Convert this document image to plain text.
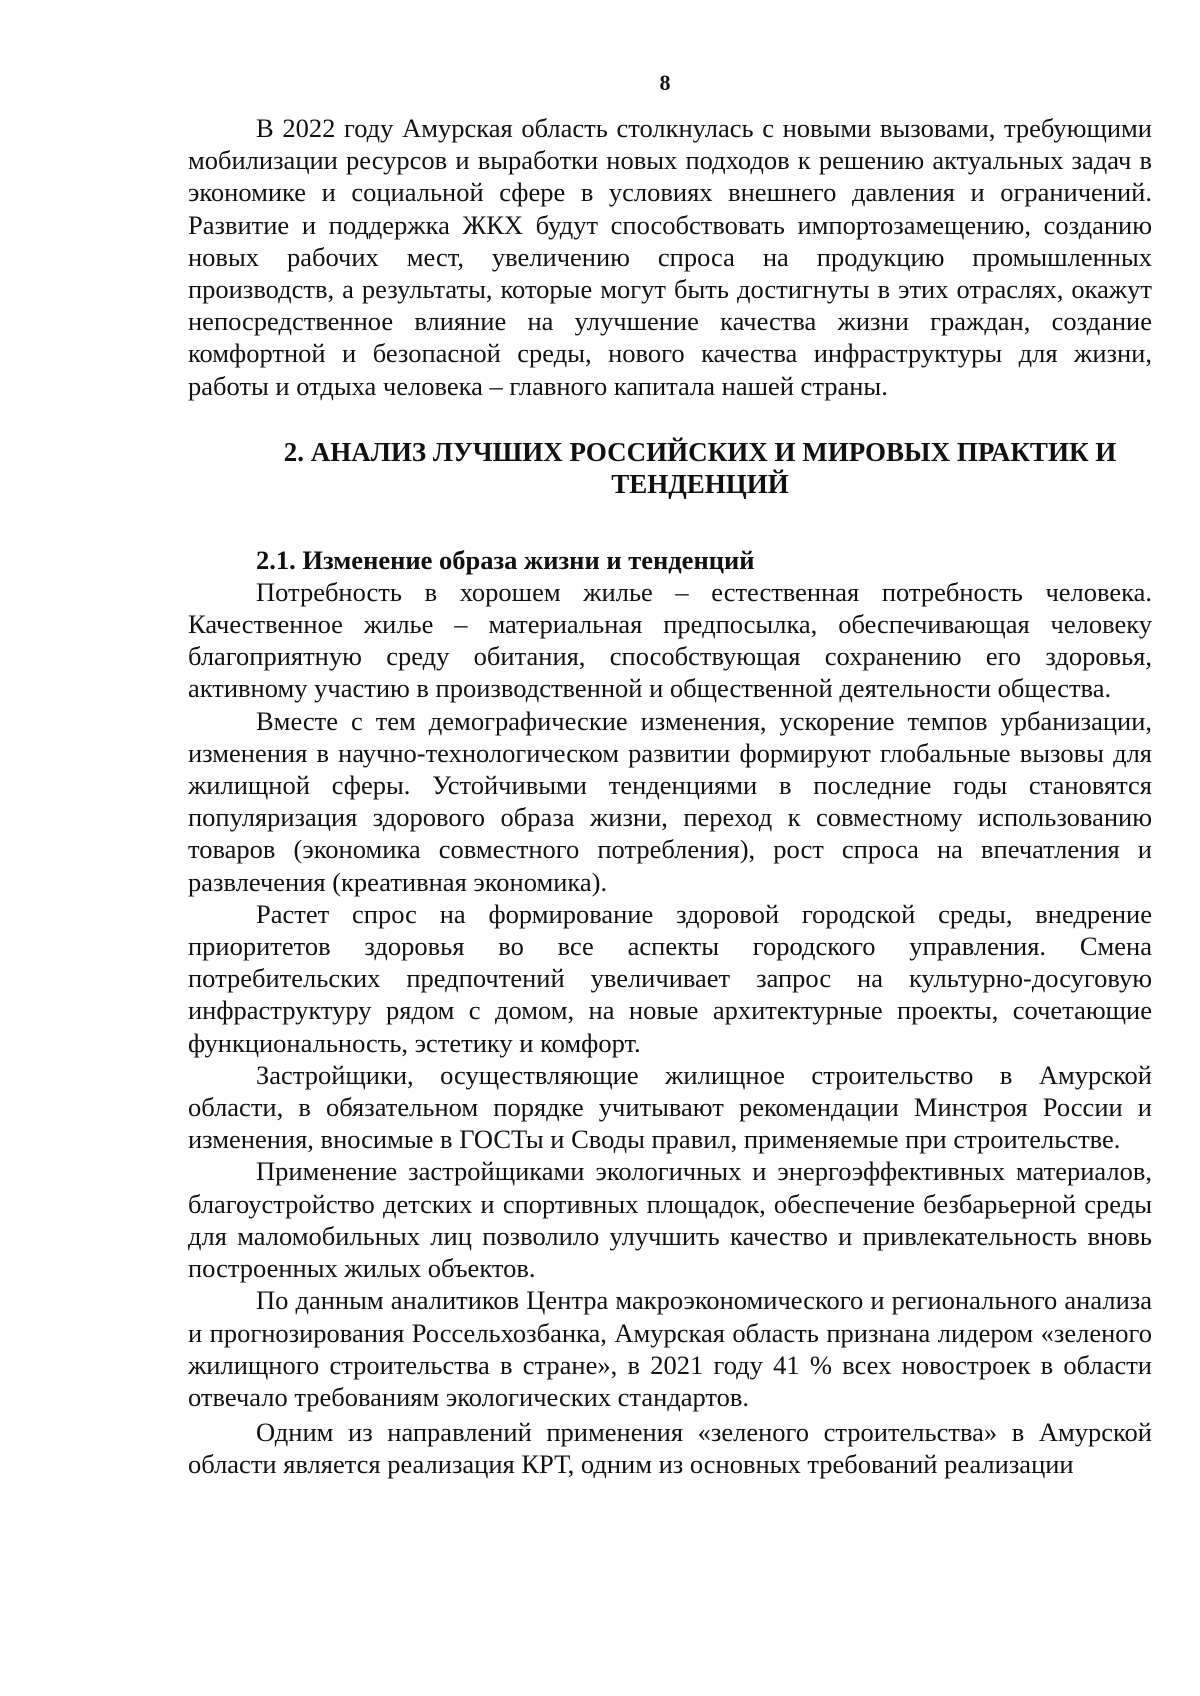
8

В 2022 году Амурская область столкнулась с новыми вызовами, требующими мобилизации ресурсов и выработки новых подходов к решению актуальных задач в экономике и социальной сфере в условиях внешнего давления и ограничений. Развитие и поддержка ЖКХ будут способствовать импортозамещению, созданию новых рабочих мест, увеличению спроса на продукцию промышленных производств, а результаты, которые могут быть достигнуты в этих отраслях, окажут непосредственное влияние на улучшение качества жизни граждан, создание комфортной и безопасной среды, нового качества инфраструктуры для жизни, работы и отдыха человека – главного капитала нашей страны.

2. АНАЛИЗ ЛУЧШИХ РОССИЙСКИХ И МИРОВЫХ ПРАКТИК И ТЕНДЕНЦИЙ
2.1. Изменение образа жизни и тенденций

Потребность в хорошем жилье – естественная потребность человека. Качественное жилье – материальная предпосылка, обеспечивающая человеку благоприятную среду обитания, способствующая сохранению его здоровья, активному участию в производственной и общественной деятельности общества.

Вместе с тем демографические изменения, ускорение темпов урбанизации, изменения в научно-технологическом развитии формируют глобальные вызовы для жилищной сферы. Устойчивыми тенденциями в последние годы становятся популяризация здорового образа жизни, переход к совместному использованию товаров (экономика совместного потребления), рост спроса на впечатления и развлечения (креативная экономика).

Растет спрос на формирование здоровой городской среды, внедрение приоритетов здоровья во все аспекты городского управления. Смена потребительских предпочтений увеличивает запрос на культурно-досуговую инфраструктуру рядом с домом, на новые архитектурные проекты, сочетающие функциональность, эстетику и комфорт.

Застройщики, осуществляющие жилищное строительство в Амурской области, в обязательном порядке учитывают рекомендации Минстроя России и изменения, вносимые в ГОСТы и Своды правил, применяемые при строительстве.

Применение застройщиками экологичных и энергоэффективных материалов, благоустройство детских и спортивных площадок, обеспечение безбарьерной среды для маломобильных лиц позволило улучшить качество и привлекательность вновь построенных жилых объектов.

По данным аналитиков Центра макроэкономического и регионального анализа и прогнозирования Россельхозбанка, Амурская область признана лидером «зеленого жилищного строительства в стране», в 2021 году 41 % всех новостроек в области отвечало требованиям экологических стандартов.

Одним из направлений применения «зеленого строительства» в Амурской области является реализация КРТ, одним из основных требований реализации
